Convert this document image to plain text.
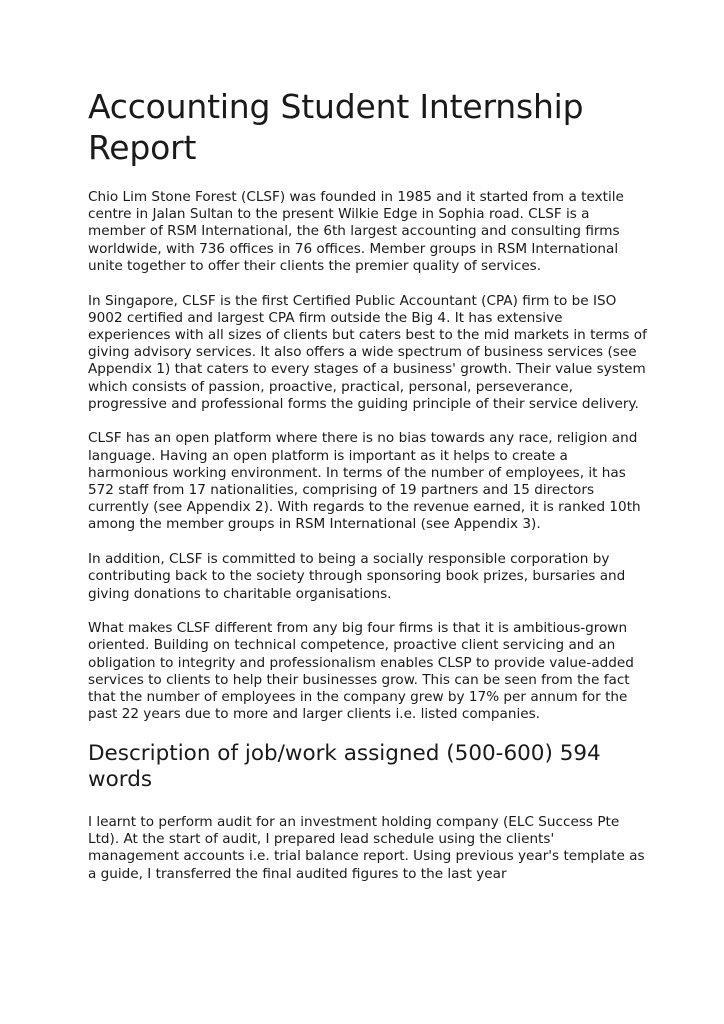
Accounting Student Internship Report

Chio Lim Stone Forest (CLSF) was founded in 1985 and it started from a textile centre in Jalan Sultan to the present Wilkie Edge in Sophia road. CLSF is a member of RSM International, the 6th largest accounting and consulting firms worldwide, with 736 offices in 76 offices. Member groups in RSM International unite together to offer their clients the premier quality of services.

In Singapore, CLSF is the first Certified Public Accountant (CPA) firm to be ISO 9002 certified and largest CPA firm outside the Big 4. It has extensive experiences with all sizes of clients but caters best to the mid markets in terms of giving advisory services. It also offers a wide spectrum of business services (see Appendix 1) that caters to every stages of a business' growth. Their value system which consists of passion, proactive, practical, personal, perseverance, progressive and professional forms the guiding principle of their service delivery.

CLSF has an open platform where there is no bias towards any race, religion and language. Having an open platform is important as it helps to create a harmonious working environment. In terms of the number of employees, it has 572 staff from 17 nationalities, comprising of 19 partners and 15 directors currently (see Appendix 2). With regards to the revenue earned, it is ranked 10th among the member groups in RSM International (see Appendix 3).

In addition, CLSF is committed to being a socially responsible corporation by contributing back to the society through sponsoring book prizes, bursaries and giving donations to charitable organisations.

What makes CLSF different from any big four firms is that it is ambitious-grown oriented. Building on technical competence, proactive client servicing and an obligation to integrity and professionalism enables CLSP to provide value-added services to clients to help their businesses grow. This can be seen from the fact that the number of employees in the company grew by 17% per annum for the past 22 years due to more and larger clients i.e. listed companies.

Description of job/work assigned (500-600) 594 words

I learnt to perform audit for an investment holding company (ELC Success Pte Ltd). At the start of audit, I prepared lead schedule using the clients' management accounts i.e. trial balance report. Using previous year's template as a guide, I transferred the final audited figures to the last year
